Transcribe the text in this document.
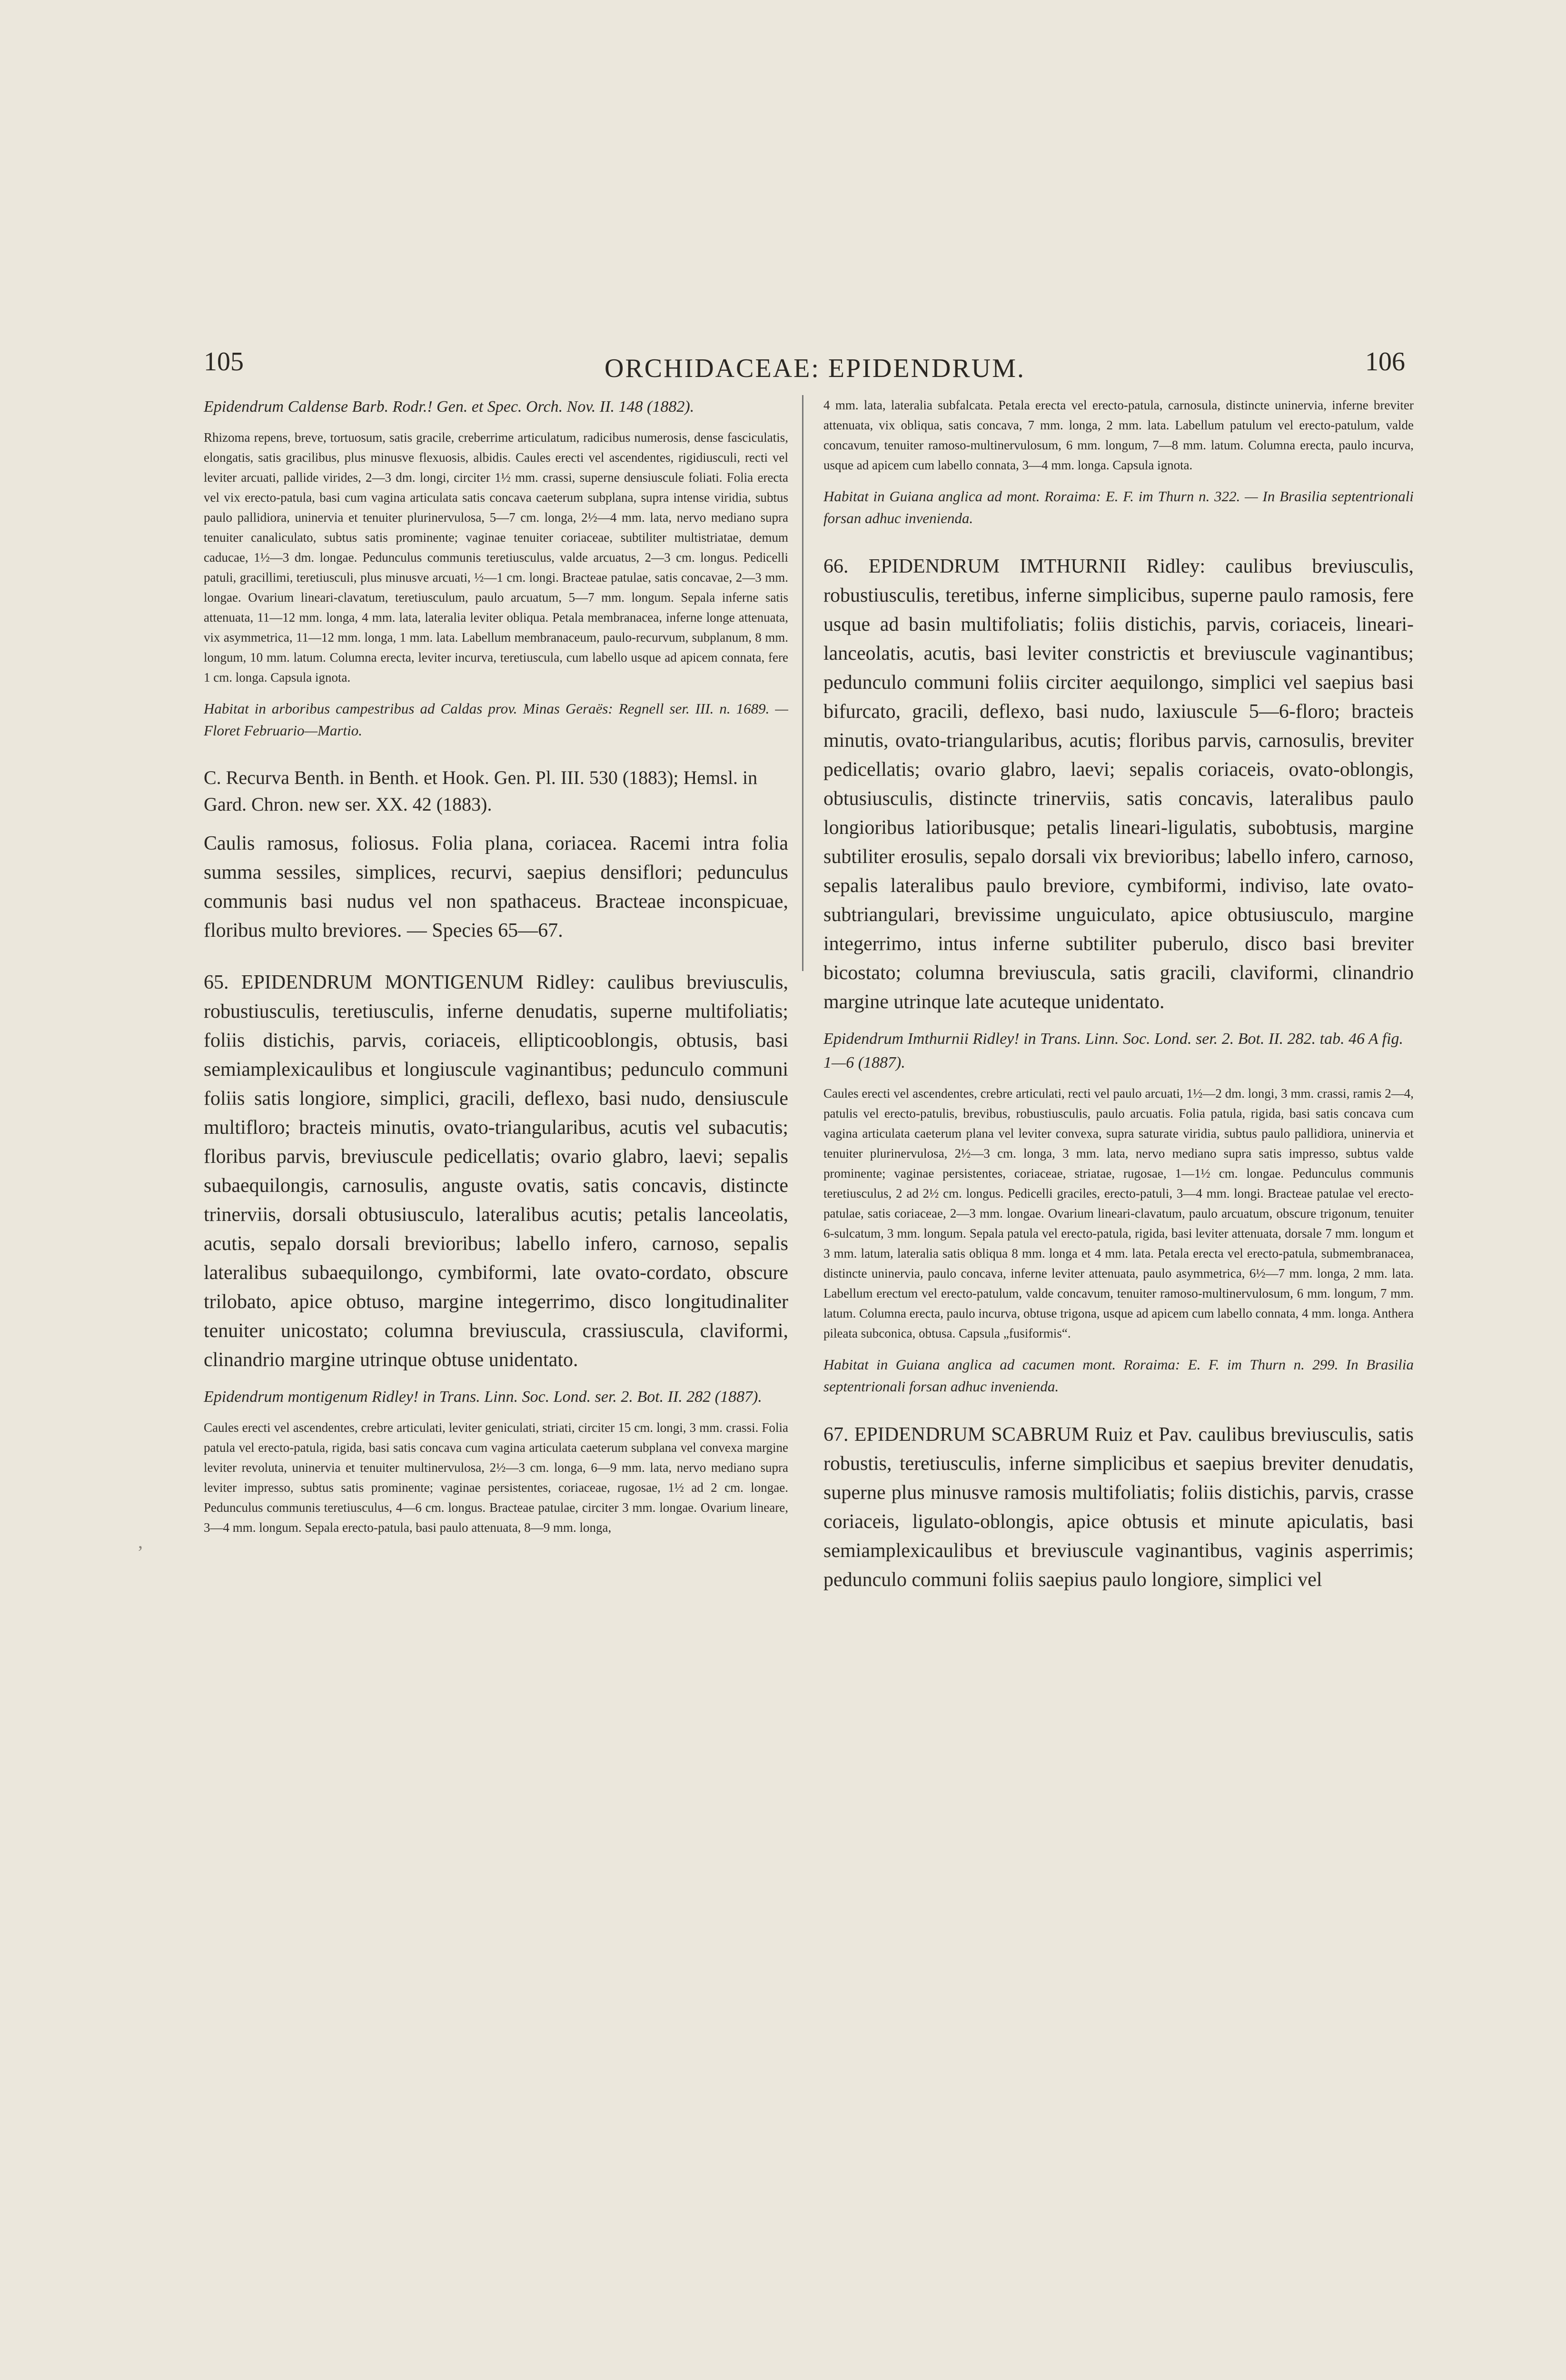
105	ORCHIDACEAE: EPIDENDRUM.	106

Epidendrum Caldense Barb. Rodr.! Gen. et Spec. Orch. Nov. II. 148 (1882).

Rhizoma repens, breve, tortuosum, satis gracile, creberrime articulatum, radicibus numerosis, dense fasciculatis, elongatis, satis gracilibus, plus minusve flexuosis, albidis. Caules erecti vel ascendentes, rigidiusculi, recti vel leviter arcuati, pallide virides, 2—3 dm. longi, circiter 1½ mm. crassi, superne densiuscule foliati. Folia erecta vel vix erecto-patula, basi cum vagina articulata satis concava caeterum subplana, supra intense viridia, subtus paulo pallidiora, uninervia et tenuiter plurinervulosa, 5—7 cm. longa, 2½—4 mm. lata, nervo mediano supra tenuiter canaliculato, subtus satis prominente; vaginae tenuiter coriaceae, subtiliter multistriatae, demum caducae, 1½—3 dm. longae. Pedunculus communis teretiusculus, valde arcuatus, 2—3 cm. longus. Pedicelli patuli, gracillimi, teretiusculi, plus minusve arcuati, ½—1 cm. longi. Bracteae patulae, satis concavae, 2—3 mm. longae. Ovarium lineari-clavatum, teretiusculum, paulo arcuatum, 5—7 mm. longum. Sepala inferne satis attenuata, 11—12 mm. longa, 4 mm. lata, lateralia leviter obliqua. Petala membranacea, inferne longe attenuata, vix asymmetrica, 11—12 mm. longa, 1 mm. lata. Labellum membranaceum, paulo-recurvum, subplanum, 8 mm. longum, 10 mm. latum. Columna erecta, leviter incurva, teretiuscula, cum labello usque ad apicem connata, fere 1 cm. longa. Capsula ignota.

Habitat in arboribus campestribus ad Caldas prov. Minas Geraës: Regnell ser. III. n. 1689. — Floret Februario—Martio.

C. Recurva Benth. in Benth. et Hook. Gen. Pl. III. 530 (1883); Hemsl. in Gard. Chron. new ser. XX. 42 (1883).

Caulis ramosus, foliosus. Folia plana, coriacea. Racemi intra folia summa sessiles, simplices, recurvi, saepius densiflori; pedunculus communis basi nudus vel non spathaceus. Bracteae inconspicuae, floribus multo breviores. — Species 65—67.

65. EPIDENDRUM MONTIGENUM Ridley: caulibus breviusculis, robustiusculis, teretiusculis, inferne denudatis, superne multifoliatis; foliis distichis, parvis, coriaceis, ellipticooblongis, obtusis, basi semiamplexicaulibus et longiuscule vaginantibus; pedunculo communi foliis satis longiore, simplici, gracili, deflexo, basi nudo, densiuscule multifloro; bracteis minutis, ovato-triangularibus, acutis vel subacutis; floribus parvis, breviuscule pedicellatis; ovario glabro, laevi; sepalis subaequilongis, carnosulis, anguste ovatis, satis concavis, distincte trinerviis, dorsali obtusiusculo, lateralibus acutis; petalis lanceolatis, acutis, sepalo dorsali brevioribus; labello infero, carnoso, sepalis lateralibus subaequilongo, cymbiformi, late ovato-cordato, obscure trilobato, apice obtuso, margine integerrimo, disco longitudinaliter tenuiter unicostato; columna breviuscula, crassiuscula, claviformi, clinandrio margine utrinque obtuse unidentato.

Epidendrum montigenum Ridley! in Trans. Linn. Soc. Lond. ser. 2. Bot. II. 282 (1887).

Caules erecti vel ascendentes, crebre articulati, leviter geniculati, striati, circiter 15 cm. longi, 3 mm. crassi. Folia patula vel erecto-patula, rigida, basi satis concava cum vagina articulata caeterum subplana vel convexa margine leviter revoluta, uninervia et tenuiter multinervulosa, 2½—3 cm. longa, 6—9 mm. lata, nervo mediano supra leviter impresso, subtus satis prominente; vaginae persistentes, coriaceae, rugosae, 1½ ad 2 cm. longae. Pedunculus communis teretiusculus, 4—6 cm. longus. Bracteae patulae, circiter 3 mm. longae. Ovarium lineare, 3—4 mm. longum. Sepala erecto-patula, basi paulo attenuata, 8—9 mm. longa,

4 mm. lata, lateralia subfalcata. Petala erecta vel erecto-patula, carnosula, distincte uninervia, inferne breviter attenuata, vix obliqua, satis concava, 7 mm. longa, 2 mm. lata. Labellum patulum vel erecto-patulum, valde concavum, tenuiter ramoso-multinervulosum, 6 mm. longum, 7—8 mm. latum. Columna erecta, paulo incurva, usque ad apicem cum labello connata, 3—4 mm. longa. Capsula ignota.

Habitat in Guiana anglica ad mont. Roraima: E. F. im Thurn n. 322. — In Brasilia septentrionali forsan adhuc invenienda.

66. EPIDENDRUM IMTHURNII Ridley: caulibus breviusculis, robustiusculis, teretibus, inferne simplicibus, superne paulo ramosis, fere usque ad basin multifoliatis; foliis distichis, parvis, coriaceis, lineari-lanceolatis, acutis, basi leviter constrictis et breviuscule vaginantibus; pedunculo communi foliis circiter aequilongo, simplici vel saepius basi bifurcato, gracili, deflexo, basi nudo, laxiuscule 5—6-floro; bracteis minutis, ovato-triangularibus, acutis; floribus parvis, carnosulis, breviter pedicellatis; ovario glabro, laevi; sepalis coriaceis, ovato-oblongis, obtusiusculis, distincte trinerviis, satis concavis, lateralibus paulo longioribus latioribusque; petalis lineari-ligulatis, subobtusis, margine subtiliter erosulis, sepalo dorsali vix brevioribus; labello infero, carnoso, sepalis lateralibus paulo breviore, cymbiformi, indiviso, late ovato-subtriangulari, brevissime unguiculato, apice obtusiusculo, margine integerrimo, intus inferne subtiliter puberulo, disco basi breviter bicostato; columna breviuscula, satis gracili, claviformi, clinandrio margine utrinque late acuteque unidentato.

Epidendrum Imthurnii Ridley! in Trans. Linn. Soc. Lond. ser. 2. Bot. II. 282. tab. 46 A fig. 1—6 (1887).

Caules erecti vel ascendentes, crebre articulati, recti vel paulo arcuati, 1½—2 dm. longi, 3 mm. crassi, ramis 2—4, patulis vel erecto-patulis, brevibus, robustiusculis, paulo arcuatis. Folia patula, rigida, basi satis concava cum vagina articulata caeterum plana vel leviter convexa, supra saturate viridia, subtus paulo pallidiora, uninervia et tenuiter plurinervulosa, 2½—3 cm. longa, 3 mm. lata, nervo mediano supra satis impresso, subtus valde prominente; vaginae persistentes, coriaceae, striatae, rugosae, 1—1½ cm. longae. Pedunculus communis teretiusculus, 2 ad 2½ cm. longus. Pedicelli graciles, erecto-patuli, 3—4 mm. longi. Bracteae patulae vel erecto-patulae, satis coriaceae, 2—3 mm. longae. Ovarium lineari-clavatum, paulo arcuatum, obscure trigonum, tenuiter 6-sulcatum, 3 mm. longum. Sepala patula vel erecto-patula, rigida, basi leviter attenuata, dorsale 7 mm. longum et 3 mm. latum, lateralia satis obliqua 8 mm. longa et 4 mm. lata. Petala erecta vel erecto-patula, submembranacea, distincte uninervia, paulo concava, inferne leviter attenuata, paulo asymmetrica, 6½—7 mm. longa, 2 mm. lata. Labellum erectum vel erecto-patulum, valde concavum, tenuiter ramoso-multinervulosum, 6 mm. longum, 7 mm. latum. Columna erecta, paulo incurva, obtuse trigona, usque ad apicem cum labello connata, 4 mm. longa. Anthera pileata subconica, obtusa. Capsula „fusiformis“.

Habitat in Guiana anglica ad cacumen mont. Roraima: E. F. im Thurn n. 299. In Brasilia septentrionali forsan adhuc invenienda.

67. EPIDENDRUM SCABRUM Ruiz et Pav. caulibus breviusculis, satis robustis, teretiusculis, inferne simplicibus et saepius breviter denudatis, superne plus minusve ramosis multifoliatis; foliis distichis, parvis, crasse coriaceis, ligulato-oblongis, apice obtusis et minute apiculatis, basi semiamplexicaulibus et breviuscule vaginantibus, vaginis asperrimis; pedunculo communi foliis saepius paulo longiore, simplici vel

,
